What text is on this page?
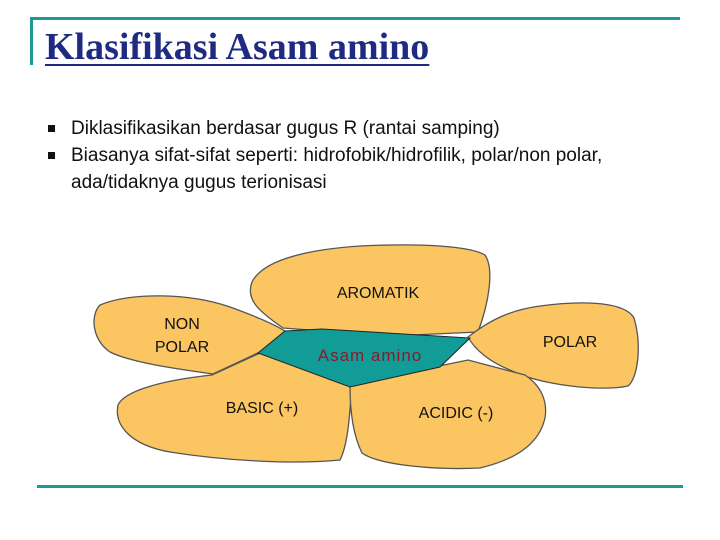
Klasifikasi Asam amino
Diklasifikasikan berdasar gugus R (rantai samping)
Biasanya sifat-sifat seperti: hidrofobik/hidrofilik, polar/non polar, ada/tidaknya gugus terionisasi
Asam amino
AROMATIK
NON
POLAR	POLAR
BASIC (+)	ACIDIC (-)
